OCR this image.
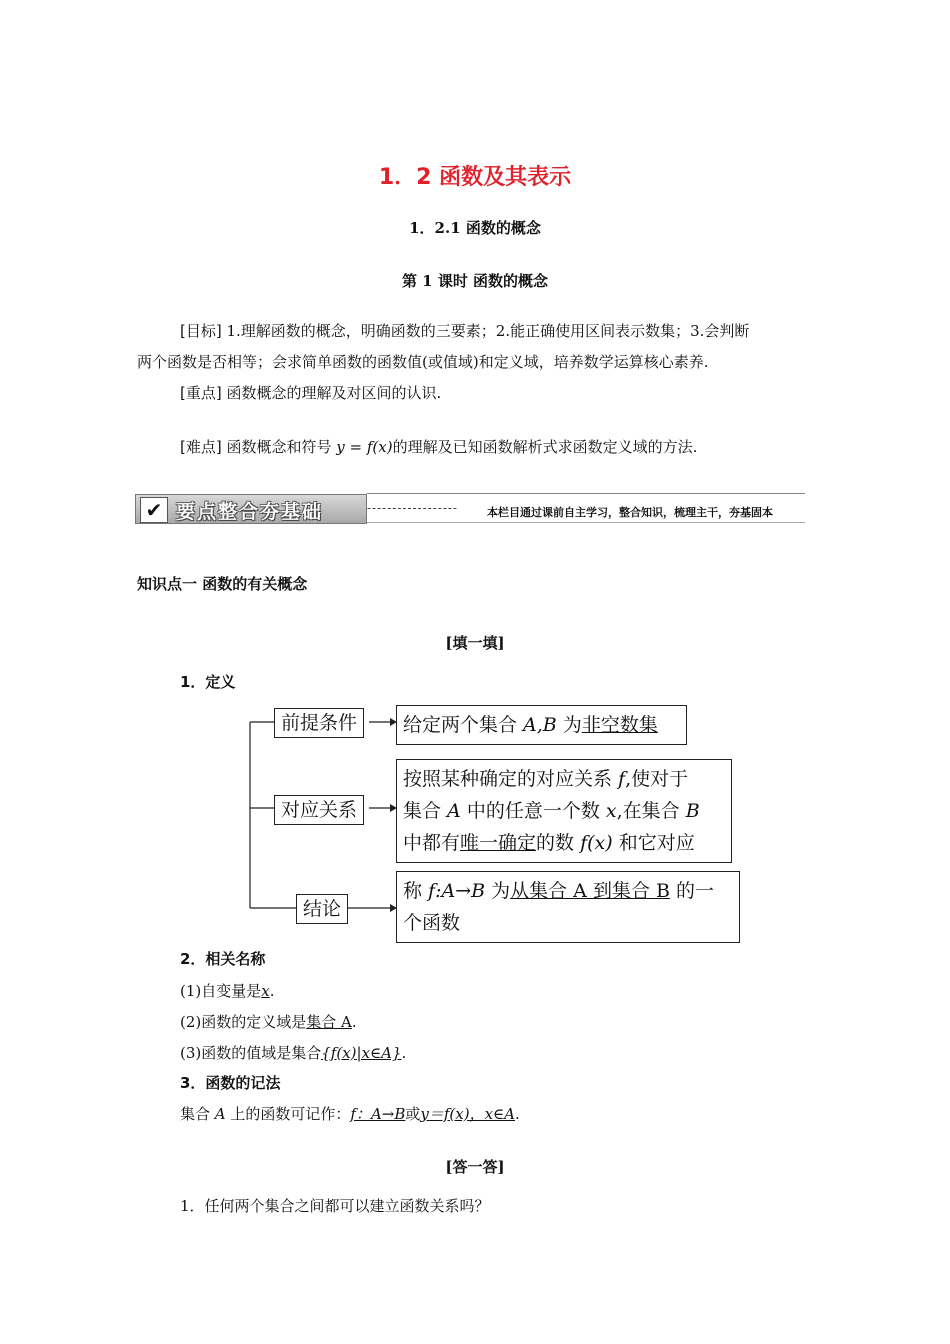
1．2 函数及其表示
1．2.1 函数的概念
第 1 课时 函数的概念
[目标] 1.理解函数的概念，明确函数的三要素；2.能正确使用区间表示数集；3.会判断
两个函数是否相等；会求简单函数的函数值(或值域)和定义域，培养数学运算核心素养.
[重点] 函数概念的理解及对区间的认识.
[难点] 函数概念和符号 y = f(x)的理解及已知函数解析式求函数定义域的方法.
✔ 要点整合夯基础	------------------	本栏目通过课前自主学习，整合知识，梳理主干，夯基固本
知识点一 函数的有关概念
[填一填]
1．定义
前提条件
对应关系
结论
给定两个集合 A,B 为非空数集
按照某种确定的对应关系 f,使对于
集合 A 中的任意一个数 x,在集合 B
中都有唯一确定的数 f(x) 和它对应
称 f:A→B 为从集合 A 到集合 B 的一
个函数
2．相关名称
(1)自变量是x.
(2)函数的定义域是集合 A.
(3)函数的值域是集合{f(x)|x∈A}.
3．函数的记法
集合 A 上的函数可记作：f：A→B或y＝f(x)，x∈A.
[答一答]
1．任何两个集合之间都可以建立函数关系吗？
